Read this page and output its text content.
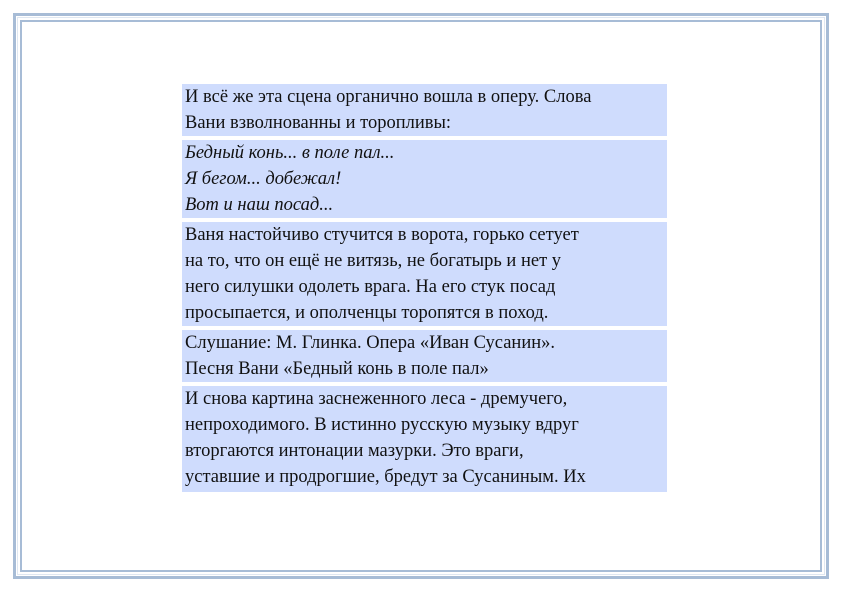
И всё же эта сцена органично вошла в оперу. Слова
Вани взволнованны и торопливы:
Бедный конь... в поле пал...
Я бегом... добежал!
Вот и наш посад...
Ваня настойчиво стучится в ворота, горько сетует
на то, что он ещё не витязь, не богатырь и нет у
него силушки одолеть врага. На его стук посад
просыпается, и ополченцы торопятся в поход.
Слушание: М. Глинка. Опера «Иван Сусанин».
Песня Вани «Бедный конь в поле пал»
И снова картина заснеженного леса - дремучего,
непроходимого. В истинно русскую музыку вдруг
вторгаются интонации мазурки. Это враги,
уставшие и продрогшие, бредут за Сусаниным. Их
